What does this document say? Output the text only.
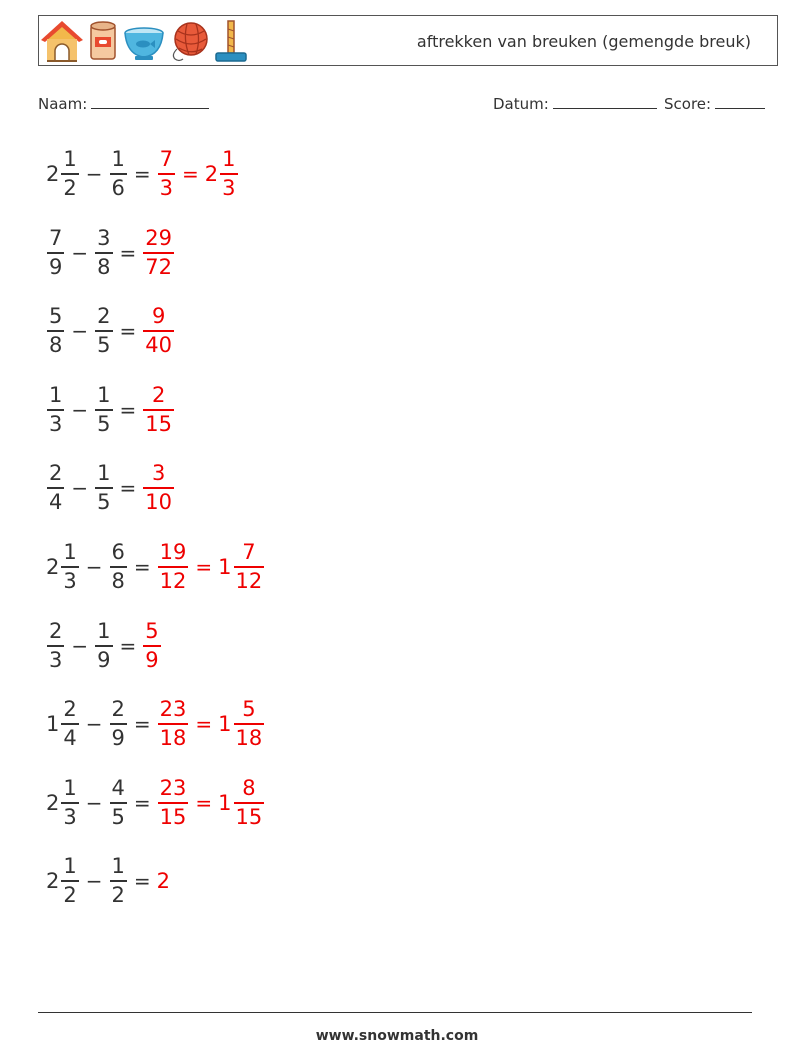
aftrekken van breuken (gemengde breuk)
Naam:	Datum:	Score:
$2 \frac{1}{2} - \frac{1}{6} = \frac{7}{3} = 2 \frac{1}{3}$
$\frac{7}{9} - \frac{3}{8} = \frac{29}{72}$
$\frac{5}{8} - \frac{2}{5} = \frac{9}{40}$
$\frac{1}{3} - \frac{1}{5} = \frac{2}{15}$
$\frac{2}{4} - \frac{1}{5} = \frac{3}{10}$
$2 \frac{1}{3} - \frac{6}{8} = \frac{19}{12} = 1 \frac{7}{12}$
$\frac{2}{3} - \frac{1}{9} = \frac{5}{9}$
$1 \frac{2}{4} - \frac{2}{9} = \frac{23}{18} = 1 \frac{5}{18}$
$2 \frac{1}{3} - \frac{4}{5} = \frac{23}{15} = 1 \frac{8}{15}$
$2 \frac{1}{2} - \frac{1}{2} = 2$
www.snowmath.com
